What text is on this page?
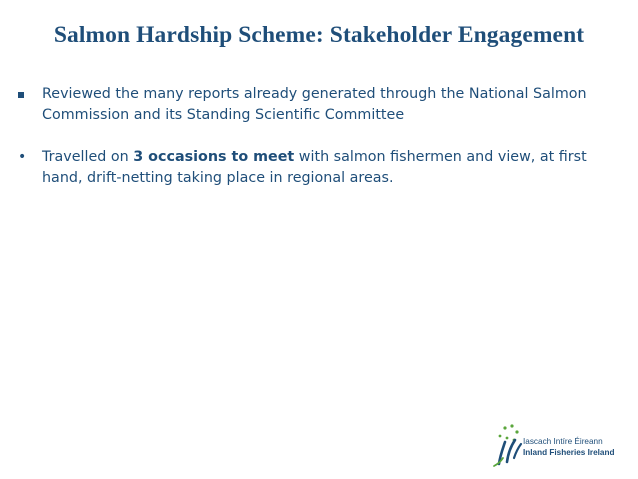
Salmon Hardship Scheme: Stakeholder Engagement
Reviewed the many reports already generated through the National Salmon Commission and its Standing Scientific Committee
•	Travelled on 3 occasions to meet with salmon fishermen and view, at first hand, drift-netting taking place in regional areas.
Iascach Intíre Éireann
Inland Fisheries Ireland
